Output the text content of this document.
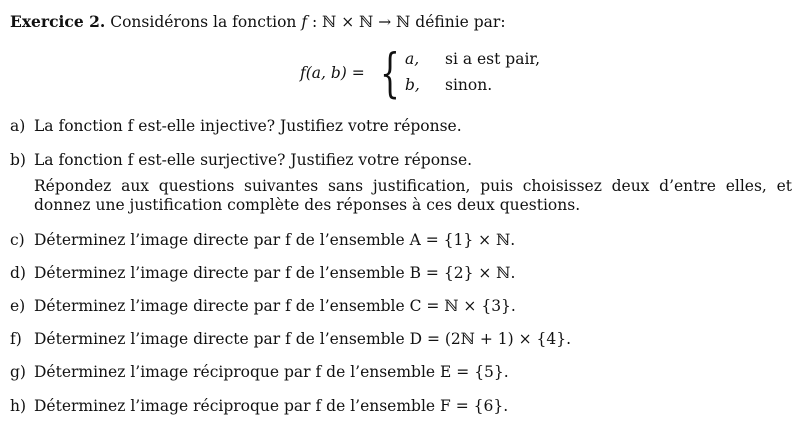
Exercice 2. Considérons la fonction f : ℕ × ℕ → ℕ définie par:
f(a, b) = { a, si a est pair,
b, sinon.
a) La fonction f est-elle injective? Justifiez votre réponse.
b) La fonction f est-elle surjective? Justifiez votre réponse.
Répondez aux questions suivantes sans justification, puis choisissez deux d’entre elles, et donnez une justification complète des réponses à ces deux questions.
c) Déterminez l’image directe par f de l’ensemble A = {1} × ℕ.
d) Déterminez l’image directe par f de l’ensemble B = {2} × ℕ.
e) Déterminez l’image directe par f de l’ensemble C = ℕ × {3}.
f) Déterminez l’image directe par f de l’ensemble D = (2ℕ + 1) × {4}.
g) Déterminez l’image réciproque par f de l’ensemble E = {5}.
h) Déterminez l’image réciproque par f de l’ensemble F = {6}.
